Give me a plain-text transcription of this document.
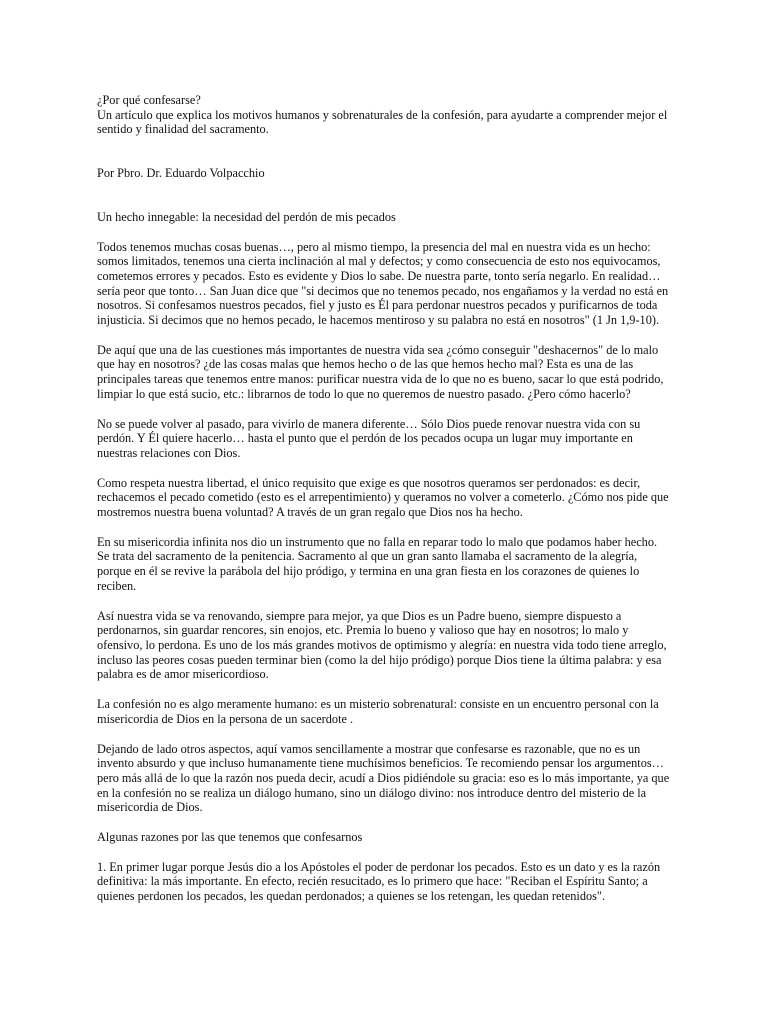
¿Por qué confesarse?

Un artículo que explica los motivos humanos y sobrenaturales de la confesión, para ayudarte a comprender mejor el sentido y finalidad del sacramento.

Por Pbro. Dr. Eduardo Volpacchio

Un hecho innegable: la necesidad del perdón de mis pecados

Todos tenemos muchas cosas buenas…, pero al mismo tiempo, la presencia del mal en nuestra vida es un hecho: somos limitados, tenemos una cierta inclinación al mal y defectos; y como consecuencia de esto nos equivocamos, cometemos errores y pecados. Esto es evidente y Dios lo sabe. De nuestra parte, tonto sería negarlo. En realidad… sería peor que tonto… San Juan dice que "si decimos que no tenemos pecado, nos engañamos y la verdad no está en nosotros. Si confesamos nuestros pecados, fiel y justo es Él para perdonar nuestros pecados y purificarnos de toda injusticia. Si decimos que no hemos pecado, le hacemos mentiroso y su palabra no está en nosotros" (1 Jn 1,9-10).

De aquí que una de las cuestiones más importantes de nuestra vida sea ¿cómo conseguir "deshacernos" de lo malo que hay en nosotros? ¿de las cosas malas que hemos hecho o de las que hemos hecho mal? Esta es una de las principales tareas que tenemos entre manos: purificar nuestra vida de lo que no es bueno, sacar lo que está podrido, limpiar lo que está sucio, etc.: librarnos de todo lo que no queremos de nuestro pasado. ¿Pero cómo hacerlo?

No se puede volver al pasado, para vivirlo de manera diferente… Sólo Dios puede renovar nuestra vida con su perdón. Y Él quiere hacerlo… hasta el punto que el perdón de los pecados ocupa un lugar muy importante en nuestras relaciones con Dios.

Como respeta nuestra libertad, el único requisito que exige es que nosotros queramos ser perdonados: es decir, rechacemos el pecado cometido (esto es el arrepentimiento) y queramos no volver a cometerlo. ¿Cómo nos pide que mostremos nuestra buena voluntad? A través de un gran regalo que Dios nos ha hecho.

En su misericordia infinita nos dio un instrumento que no falla en reparar todo lo malo que podamos haber hecho. Se trata del sacramento de la penitencia. Sacramento al que un gran santo llamaba el sacramento de la alegría, porque en él se revive la parábola del hijo pródigo, y termina en una gran fiesta en los corazones de quienes lo reciben.

Así nuestra vida se va renovando, siempre para mejor, ya que Dios es un Padre bueno, siempre dispuesto a perdonarnos, sin guardar rencores, sin enojos, etc. Premia lo bueno y valioso que hay en nosotros; lo malo y ofensivo, lo perdona. Es uno de los más grandes motivos de optimismo y alegría: en nuestra vida todo tiene arreglo, incluso las peores cosas pueden terminar bien (como la del hijo pródigo) porque Dios tiene la última palabra: y esa palabra es de amor misericordioso.

La confesión no es algo meramente humano: es un misterio sobrenatural: consiste en un encuentro personal con la misericordia de Dios en la persona de un sacerdote .

Dejando de lado otros aspectos, aquí vamos sencillamente a mostrar que confesarse es razonable, que no es un invento absurdo y que incluso humanamente tiene muchísimos beneficios. Te recomiendo pensar los argumentos… pero más allá de lo que la razón nos pueda decir, acudí a Dios pidiéndole su gracia: eso es lo más importante, ya que en la confesión no se realiza un diálogo humano, sino un diálogo divino: nos introduce dentro del misterio de la misericordia de Dios.

Algunas razones por las que tenemos que confesarnos

1. En primer lugar porque Jesús dio a los Apóstoles el poder de perdonar los pecados. Esto es un dato y es la razón definitiva: la más importante. En efecto, recién resucitado, es lo primero que hace: "Reciban el Espíritu Santo; a quienes perdonen los pecados, les quedan perdonados; a quienes se los retengan, les quedan retenidos".
